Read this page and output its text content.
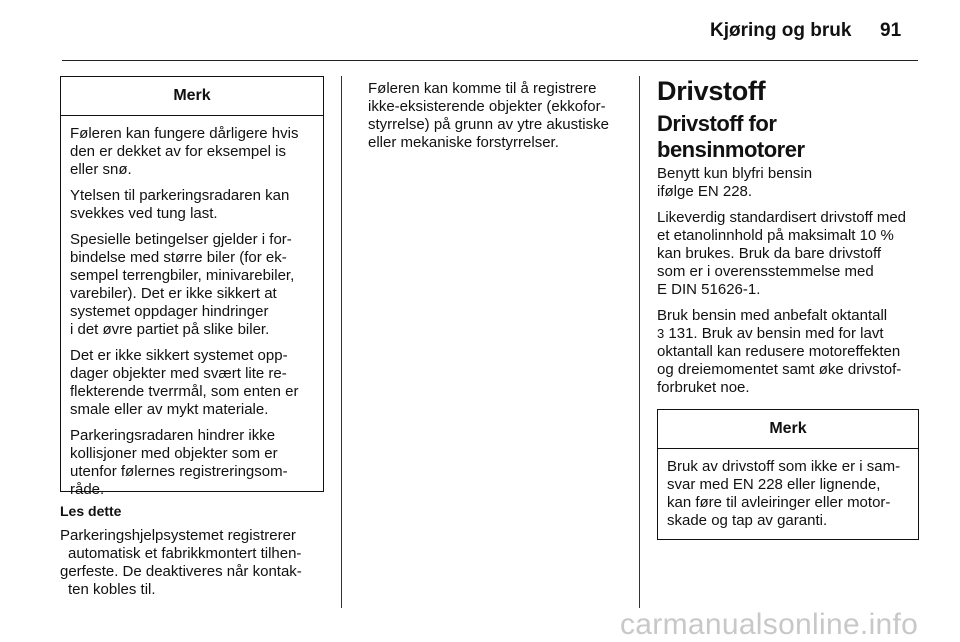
Kjøring og bruk 91
Merk

Føleren kan fungere dårligere hvis
den er dekket av for eksempel is
eller snø.

Ytelsen til parkeringsradaren kan
svekkes ved tung last.

Spesielle betingelser gjelder i for-
bindelse med større biler (for ek-
sempel terrengbiler, minivarebiler,
varebiler). Det er ikke sikkert at
systemet oppdager hindringer
i det øvre partiet på slike biler.

Det er ikke sikkert systemet opp-
dager objekter med svært lite re-
flekterende tverrmål, som enten er
smale eller av mykt materiale.

Parkeringsradaren hindrer ikke
kollisjoner med objekter som er
utenfor følernes registreringsom-
råde.

Les dette

Parkeringshjelpsystemet registrerer
automatisk et fabrikkmontert tilhen-
gerfeste. De deaktiveres når kontak-
ten kobles til.

Føleren kan komme til å registrere
ikke-eksisterende objekter (ekkofor-
styrrelse) på grunn av ytre akustiske
eller mekaniske forstyrrelser.

Drivstoff
Drivstoff for bensinmotorer

Benytt kun blyfri bensin
ifølge EN 228.

Likeverdig standardisert drivstoff med
et etanolinnhold på maksimalt 10 %
kan brukes. Bruk da bare drivstoff
som er i overensstemmelse med
E DIN 51626-1.

Bruk bensin med anbefalt oktantall
3 131. Bruk av bensin med for lavt
oktantall kan redusere motoreffekten
og dreiemomentet samt øke drivstof-
forbruket noe.

Merk
Bruk av drivstoff som ikke er i sam-
svar med EN 228 eller lignende,
kan føre til avleiringer eller motor-
skade og tap av garanti.
carmanualsonline.info
